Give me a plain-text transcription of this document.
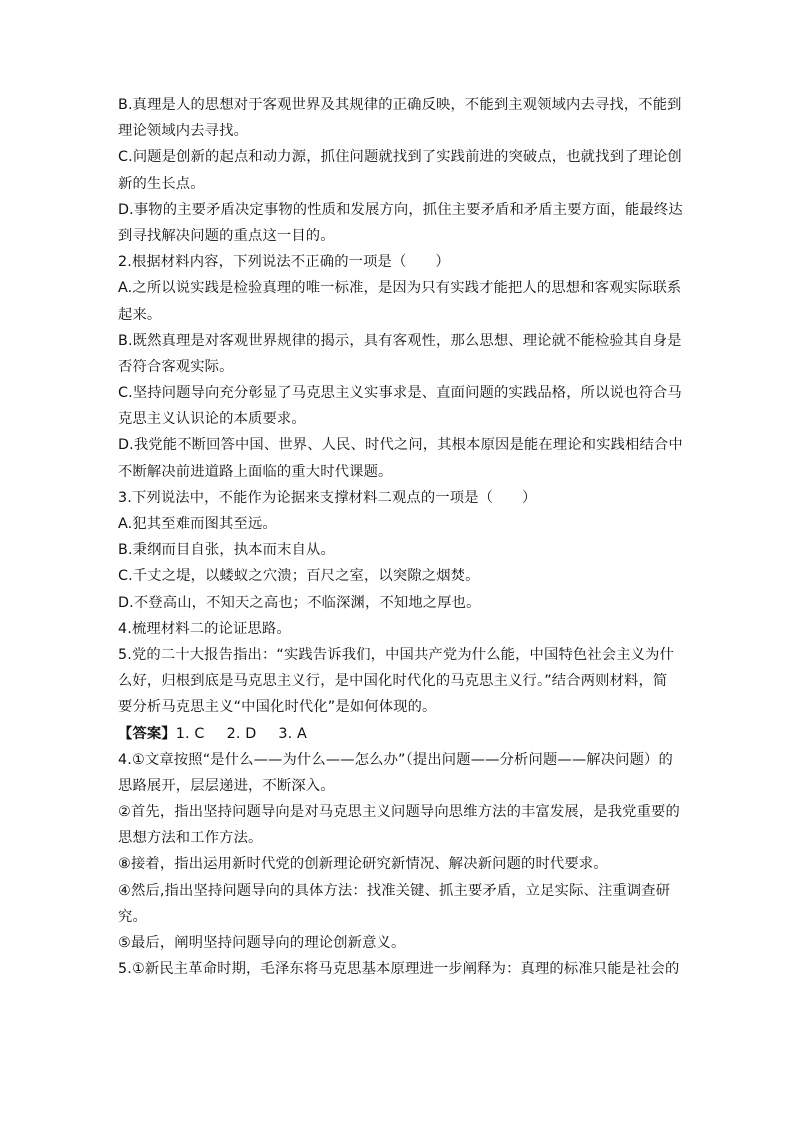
B.真理是人的思想对于客观世界及其规律的正确反映，不能到主观领域内去寻找，不能到
理论领域内去寻找。
C.问题是创新的起点和动力源，抓住问题就找到了实践前进的突破点，也就找到了理论创
新的生长点。
D.事物的主要矛盾决定事物的性质和发展方向，抓住主要矛盾和矛盾主要方面，能最终达
到寻找解决问题的重点这一目的。
2.根据材料内容，下列说法不正确的一项是（　　）
A.之所以说实践是检验真理的唯一标准，是因为只有实践才能把人的思想和客观实际联系
起来。
B.既然真理是对客观世界规律的揭示，具有客观性，那么思想、理论就不能检验其自身是
否符合客观实际。
C.坚持问题导向充分彰显了马克思主义实事求是、直面问题的实践品格，所以说也符合马
克思主义认识论的本质要求。
D.我党能不断回答中国、世界、人民、时代之问，其根本原因是能在理论和实践相结合中
不断解决前进道路上面临的重大时代课题。
3.下列说法中，不能作为论据来支撑材料二观点的一项是（　　）
A.犯其至难而图其至远。
B.秉纲而目自张，执本而末自从。
C.千丈之堤，以蝼蚁之穴溃；百尺之室，以突隙之烟焚。
D.不登高山，不知天之高也；不临深渊，不知地之厚也。
4.梳理材料二的论证思路。
5.党的二十大报告指出：“实践告诉我们，中国共产党为什么能，中国特色社会主义为什
么好，归根到底是马克思主义行，是中国化时代化的马克思主义行。”结合两则材料，简
要分析马克思主义“中国化时代化”是如何体现的。
【答案】1. C 2. D 3. A
4.①文章按照“是什么——为什么——怎么办”（提出问题——分析问题——解决问题）的
思路展开，层层递进，不断深入。
②首先，指出坚持问题导向是对马克思主义问题导向思维方法的丰富发展，是我党重要的
思想方法和工作方法。
⑧接着，指出运用新时代党的创新理论研究新情况、解决新问题的时代要求。
④然后,指出坚持问题导向的具体方法：找准关键、抓主要矛盾，立足实际、注重调查研
究。
⑤最后，阐明坚持问题导向的理论创新意义。
5.①新民主革命时期，毛泽东将马克思基本原理进一步阐释为：真理的标准只能是社会的
